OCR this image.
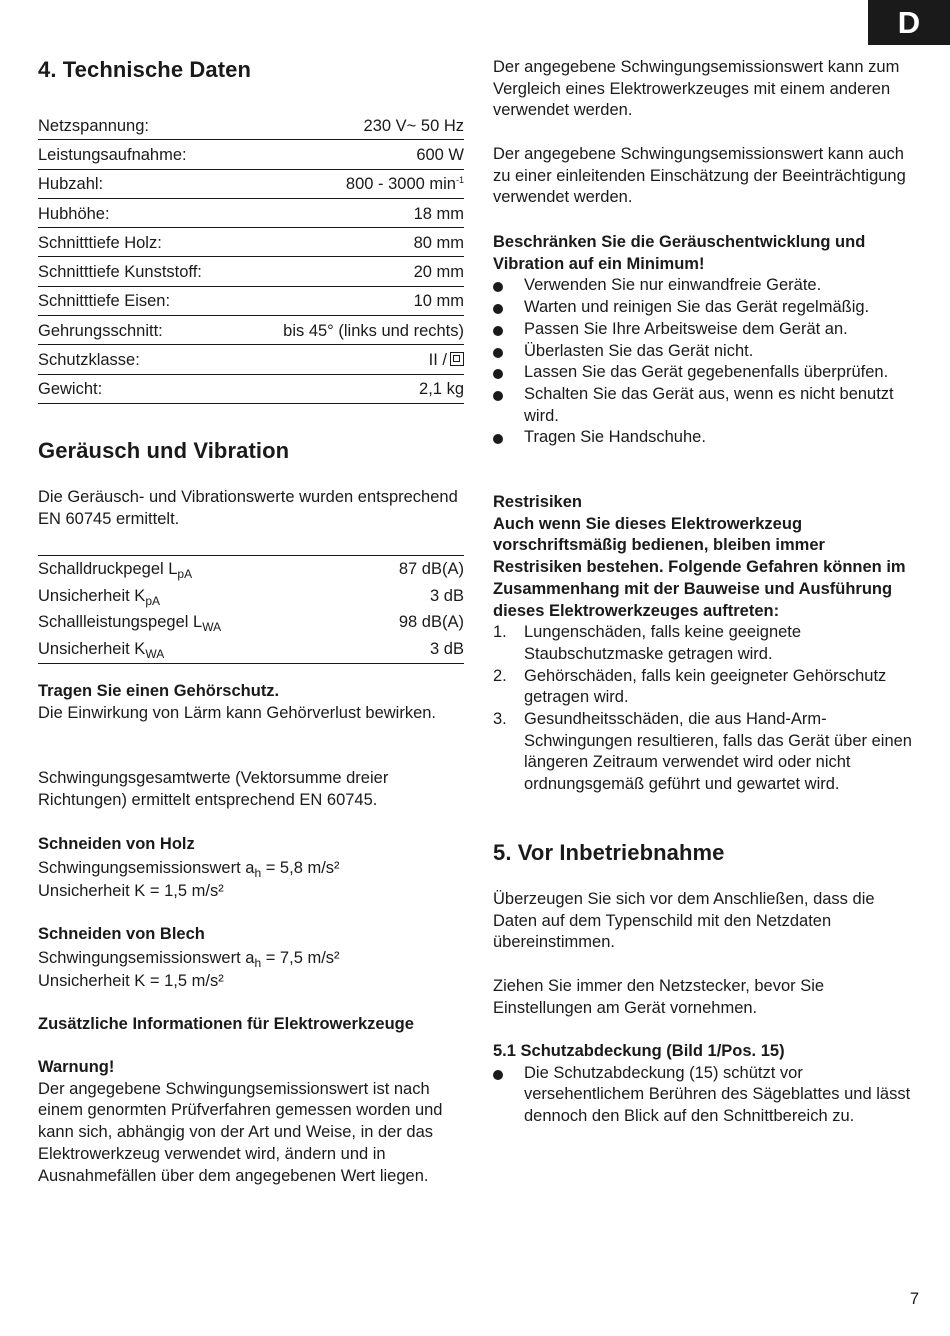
D
4. Technische Daten
Netzspannung:	230 V~ 50 Hz
Leistungsaufnahme:	600 W
Hubzahl:	800 - 3000 $\min^{-1}$
Hubhöhe:	18 mm
Schnitttiefe Holz:	80 mm
Schnitttiefe Kunststoff:	20 mm
Schnitttiefe Eisen:	10 mm
Gehrungsschnitt:	bis 45° (links und rechts)
Schutzklasse:	II /
Gewicht:	2,1 kg
Geräusch und Vibration

Die Geräusch- und Vibrationswerte wurden entsprechend EN 60745 ermittelt.

Schalldruckpegel $L_{pA}$	87 dB(A)
Unsicherheit $K_{pA}$	3 dB
Schallleistungspegel $L_{WA}$	98 dB(A)
Unsicherheit $K_{WA}$	3 dB

Tragen Sie einen Gehörschutz.

Die Einwirkung von Lärm kann Gehörverlust bewirken.

Schwingungsgesamtwerte (Vektorsumme dreier Richtungen) ermittelt entsprechend EN 60745.

Schneiden von Holz

Schwingungsemissionswert $a_h = 5,8$ m/s²

Unsicherheit K = 1,5 m/s²

Schneiden von Blech

Schwingungsemissionswert $a_h = 7,5$ m/s²

Unsicherheit K = 1,5 m/s²

Zusätzliche Informationen für Elektrowerkzeuge

Warnung!

Der angegebene Schwingungsemissionswert ist nach einem genormten Prüfverfahren gemessen worden und kann sich, abhängig von der Art und Weise, in der das Elektrowerkzeug verwendet wird, ändern und in Ausnahmefällen über dem angegebenen Wert liegen.

Der angegebene Schwingungsemissionswert kann zum Vergleich eines Elektrowerkzeuges mit einem anderen verwendet werden.

Der angegebene Schwingungsemissionswert kann auch zu einer einleitenden Einschätzung der Beeinträchtigung verwendet werden.

Beschränken Sie die Geräuschentwicklung und Vibration auf ein Minimum!

Verwenden Sie nur einwandfreie Geräte.
Warten und reinigen Sie das Gerät regelmäßig.
Passen Sie Ihre Arbeitsweise dem Gerät an.
Überlasten Sie das Gerät nicht.
Lassen Sie das Gerät gegebenenfalls überprüfen.
Schalten Sie das Gerät aus, wenn es nicht benutzt wird.
Tragen Sie Handschuhe.

Restrisiken

Auch wenn Sie dieses Elektrowerkzeug vorschriftsmäßig bedienen, bleiben immer Restrisiken bestehen. Folgende Gefahren können im Zusammenhang mit der Bauweise und Ausführung dieses Elektrowerkzeuges auftreten:

1. Lungenschäden, falls keine geeignete Staubschutzmaske getragen wird.
2. Gehörschäden, falls kein geeigneter Gehörschutz getragen wird.
3. Gesundheitsschäden, die aus Hand-Arm-Schwingungen resultieren, falls das Gerät über einen längeren Zeitraum verwendet wird oder nicht ordnungsgemäß geführt und gewartet wird.
5. Vor Inbetriebnahme

Überzeugen Sie sich vor dem Anschließen, dass die Daten auf dem Typenschild mit den Netzdaten übereinstimmen.

Ziehen Sie immer den Netzstecker, bevor Sie Einstellungen am Gerät vornehmen.

5.1 Schutzabdeckung (Bild 1/Pos. 15)

Die Schutzabdeckung (15) schützt vor versehentlichem Berühren des Sägeblattes und lässt dennoch den Blick auf den Schnittbereich zu.
7
